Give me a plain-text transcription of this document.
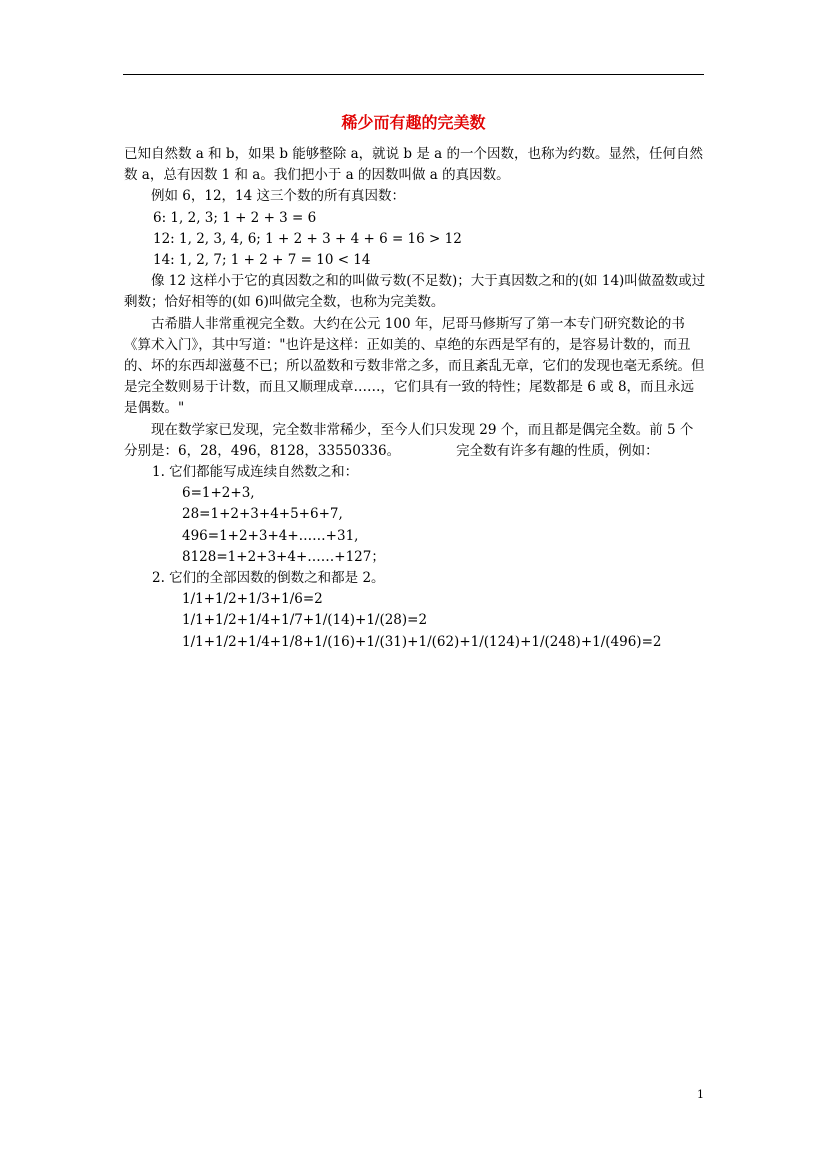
稀少而有趣的完美数

已知自然数 a 和 b，如果 b 能够整除 a，就说 b 是 a 的一个因数，也称为约数。显然，任何自然数 a，总有因数 1 和 a。我们把小于 a 的因数叫做 a 的真因数。

例如 6，12，14 这三个数的所有真因数：

6: 1, 2, 3; 1 + 2 + 3 = 6

12: 1, 2, 3, 4, 6; 1 + 2 + 3 + 4 + 6 = 16 > 12

14: 1, 2, 7; 1 + 2 + 7 = 10 < 14

像 12 这样小于它的真因数之和的叫做亏数(不足数)；大于真因数之和的(如 14)叫做盈数或过剩数；恰好相等的(如 6)叫做完全数，也称为完美数。

古希腊人非常重视完全数。大约在公元 100 年，尼哥马修斯写了第一本专门研究数论的书《算术入门》，其中写道："也许是这样：正如美的、卓绝的东西是罕有的，是容易计数的，而丑的、坏的东西却滋蔓不已；所以盈数和亏数非常之多，而且紊乱无章，它们的发现也毫无系统。但是完全数则易于计数，而且又顺理成章……，它们具有一致的特性；尾数都是 6 或 8，而且永远是偶数。"

现在数学家已发现，完全数非常稀少，至今人们只发现 29 个，而且都是偶完全数。前 5 个分别是：6，28，496，8128，33550336。	完全数有许多有趣的性质，例如：

1. 它们都能写成连续自然数之和：

6=1+2+3,

28=1+2+3+4+5+6+7,

496=1+2+3+4+……+31,

8128=1+2+3+4+……+127；

2. 它们的全部因数的倒数之和都是 2。

1/1+1/2+1/3+1/6=2

1/1+1/2+1/4+1/7+1/(14)+1/(28)=2

1/1+1/2+1/4+1/8+1/(16)+1/(31)+1/(62)+1/(124)+1/(248)+1/(496)=2

1
